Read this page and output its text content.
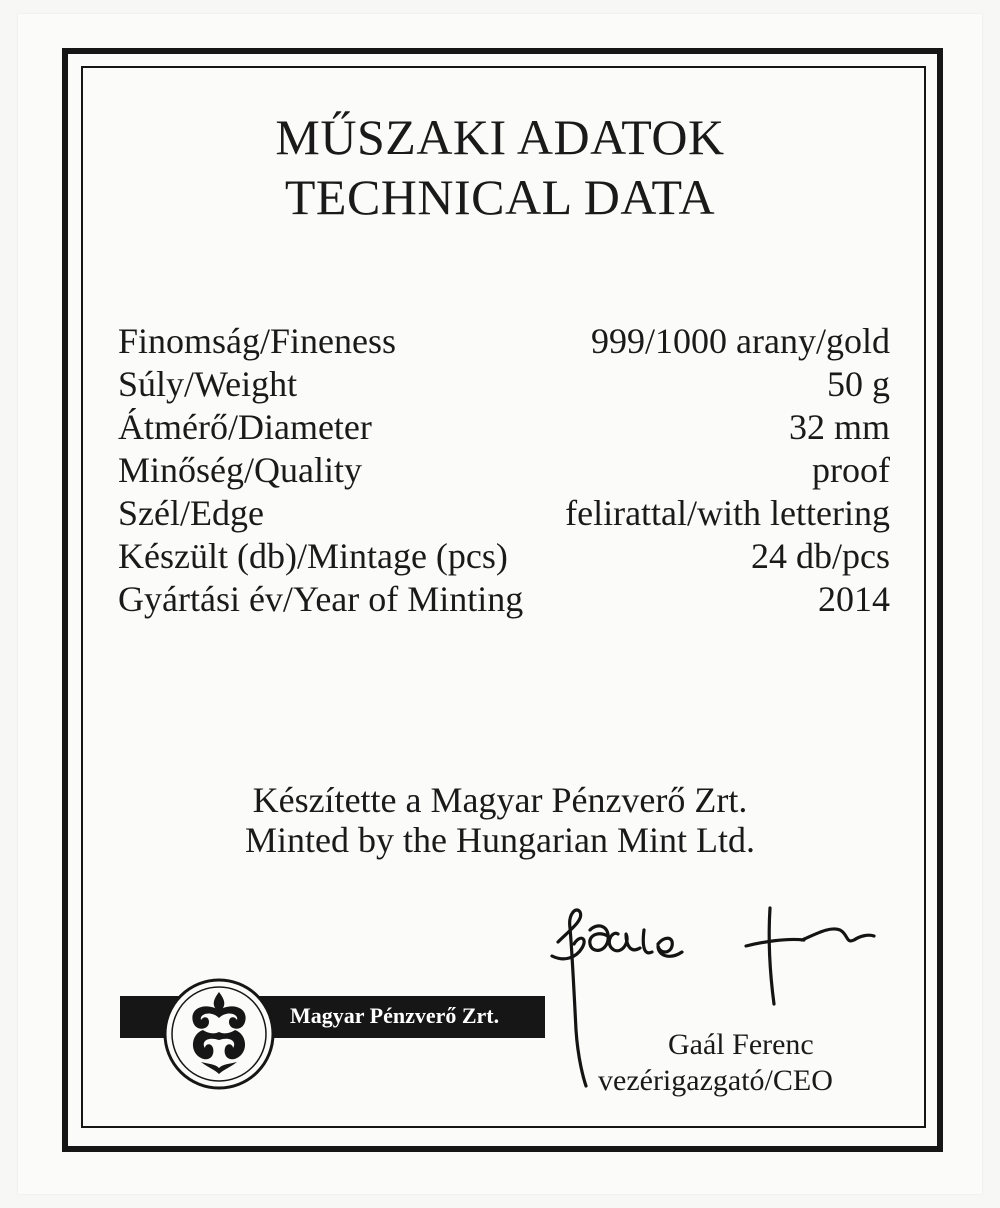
MŰSZAKI ADATOK
TECHNICAL DATA
Finomság/Fineness	999/1000 arany/gold
Súly/Weight	50 g
Átmérő/Diameter	32 mm
Minőség/Quality	proof
Szél/Edge	felirattal/with lettering
Készült (db)/Mintage (pcs)	24 db/pcs
Gyártási év/Year of Minting	2014
Készítette a Magyar Pénzverő Zrt.
Minted by the Hungarian Mint Ltd.
Magyar Pénzverő Zrt.
Gaál Ferenc
vezérigazgató/CEO
